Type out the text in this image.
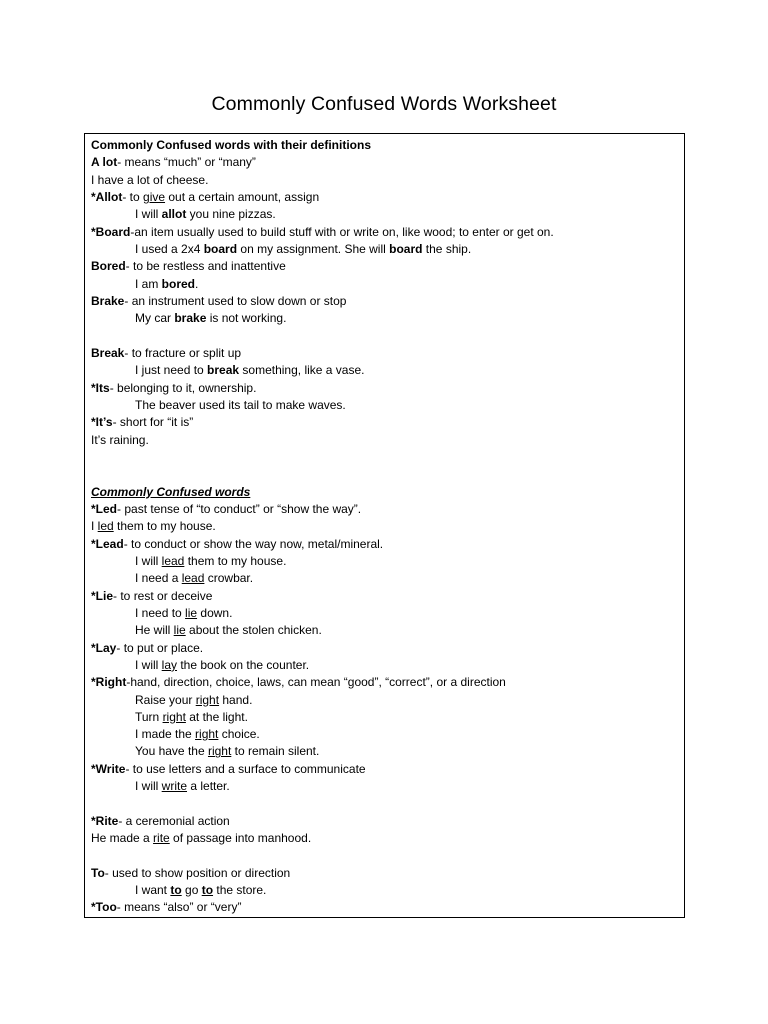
Commonly Confused Words Worksheet
Commonly Confused words with their definitions
A lot- means “much” or “many”
I have a lot of cheese.
*Allot- to give out a certain amount, assign
I will allot you nine pizzas.
*Board-an item usually used to build stuff with or write on, like wood; to enter or get on.
I used a 2x4 board on my assignment. She will board the ship.
Bored- to be restless and inattentive
I am bored.
Brake- an instrument used to slow down or stop
My car brake is not working.
Break- to fracture or split up
I just need to break something, like a vase.
*Its- belonging to it, ownership.
The beaver used its tail to make waves.
*It’s- short for “it is”
It’s raining.
Commonly Confused words
*Led- past tense of “to conduct” or “show the way”.
I led them to my house.
*Lead- to conduct or show the way now, metal/mineral.
I will lead them to my house.
I need a lead crowbar.
*Lie- to rest or deceive
I need to lie down.
He will lie about the stolen chicken.
*Lay- to put or place.
I will lay the book on the counter.
*Right-hand, direction, choice, laws, can mean “good”, “correct”, or a direction
Raise your right hand.
Turn right at the light.
I made the right choice.
You have the right to remain silent.
*Write- to use letters and a surface to communicate
I will write a letter.
*Rite- a ceremonial action
He made a rite of passage into manhood.
To- used to show position or direction
I want to go to the store.
*Too- means “also” or “very”
